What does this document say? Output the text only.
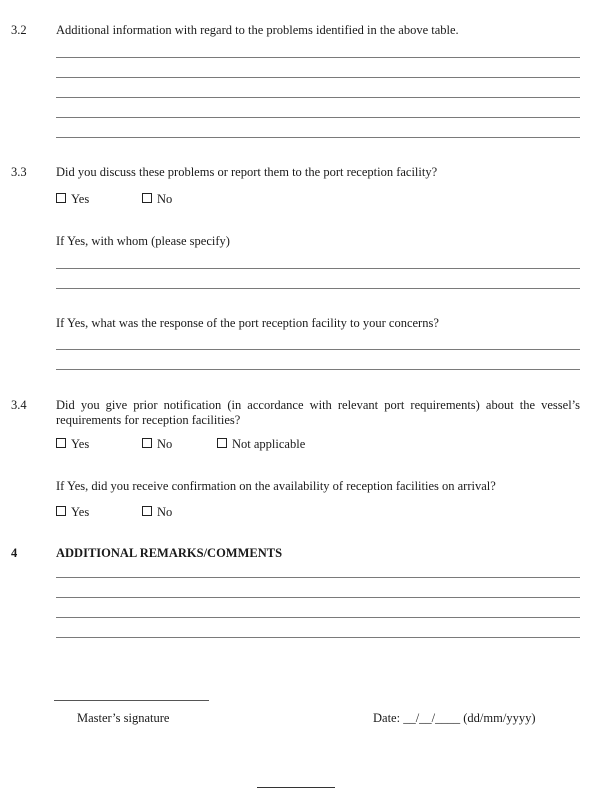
3.2 Additional information with regard to the problems identified in the above table.
3.3 Did you discuss these problems or report them to the port reception facility?
Yes	No
If Yes, with whom (please specify)
If Yes, what was the response of the port reception facility to your concerns?
3.4 Did you give prior notification (in accordance with relevant port requirements) about the vessel’s requirements for reception facilities?
Yes	No	Not applicable
If Yes, did you receive confirmation on the availability of reception facilities on arrival?
Yes	No
4	ADDITIONAL REMARKS/COMMENTS
Master’s signature	Date: __/__/____ (dd/mm/yyyy)
